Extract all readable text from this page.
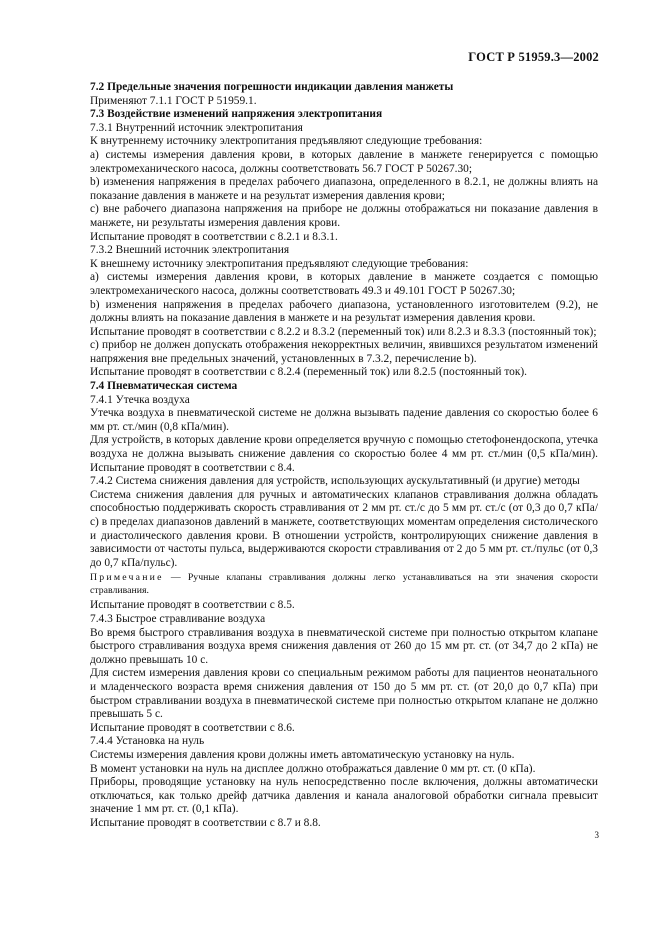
ГОСТ Р 51959.3—2002

7.2 Предельные значения погрешности индикации давления манжеты

Применяют 7.1.1 ГОСТ Р 51959.1.

7.3 Воздействие изменений напряжения электропитания

7.3.1 Внутренний источник электропитания

К внутреннему источнику электропитания предъявляют следующие требования:

а) системы измерения давления крови, в которых давление в манжете генерируется с помощью электромеханического насоса, должны соответствовать 56.7 ГОСТ Р 50267.30;

b) изменения напряжения в пределах рабочего диапазона, определенного в 8.2.1, не должны влиять на показание давления в манжете и на результат измерения давления крови;

с) вне рабочего диапазона напряжения на приборе не должны отображаться ни показание давления в манжете, ни результаты измерения давления крови.

Испытание проводят в соответствии с 8.2.1 и 8.3.1.

7.3.2 Внешний источник электропитания

К внешнему источнику электропитания предъявляют следующие требования:

а) системы измерения давления крови, в которых давление в манжете создается с помощью электромеханического насоса, должны соответствовать 49.3 и 49.101 ГОСТ Р 50267.30;

b) изменения напряжения в пределах рабочего диапазона, установленного изготовителем (9.2), не должны влиять на показание давления в манжете и на результат измерения давления крови.

Испытание проводят в соответствии с 8.2.2 и 8.3.2 (переменный ток) или 8.2.3 и 8.3.3 (постоянный ток);

с) прибор не должен допускать отображения некорректных величин, явившихся результатом изменений напряжения вне предельных значений, установленных в 7.3.2, перечисление b).

Испытание проводят в соответствии с 8.2.4 (переменный ток) или 8.2.5 (постоянный ток).

7.4 Пневматическая система

7.4.1 Утечка воздуха

Утечка воздуха в пневматической системе не должна вызывать падение давления со скоростью более 6 мм рт. ст./мин (0,8 кПа/мин).

Для устройств, в которых давление крови определяется вручную с помощью стетофонендоскопа, утечка воздуха не должна вызывать снижение давления со скоростью более 4 мм рт. ст./мин (0,5 кПа/мин). Испытание проводят в соответствии с 8.4.

7.4.2 Система снижения давления для устройств, использующих аускультативный (и другие) методы

Система снижения давления для ручных и автоматических клапанов стравливания должна обладать способностью поддерживать скорость стравливания от 2 мм рт. ст./с до 5 мм рт. ст./с (от 0,3 до 0,7 кПа/с) в пределах диапазонов давлений в манжете, соответствующих моментам определения систолического и диастолического давления крови. В отношении устройств, контролирующих снижение давления в зависимости от частоты пульса, выдерживаются скорости стравливания от 2 до 5 мм рт. ст./пульс (от 0,3 до 0,7 кПа/пульс).

Примечание — Ручные клапаны стравливания должны легко устанавливаться на эти значения скорости стравливания.

Испытание проводят в соответствии с 8.5.

7.4.3 Быстрое стравливание воздуха

Во время быстрого стравливания воздуха в пневматической системе при полностью открытом клапане быстрого стравливания воздуха время снижения давления от 260 до 15 мм рт. ст. (от 34,7 до 2 кПа) не должно превышать 10 с.

Для систем измерения давления крови со специальным режимом работы для пациентов неонатального и младенческого возраста время снижения давления от 150 до 5 мм рт. ст. (от 20,0 до 0,7 кПа) при быстром стравливании воздуха в пневматической системе при полностью открытом клапане не должно превышать 5 с.

Испытание проводят в соответствии с 8.6.

7.4.4 Установка на нуль

Системы измерения давления крови должны иметь автоматическую установку на нуль.

В момент установки на нуль на дисплее должно отображаться давление 0 мм рт. ст. (0 кПа).

Приборы, проводящие установку на нуль непосредственно после включения, должны автоматически отключаться, как только дрейф датчика давления и канала аналоговой обработки сигнала превысит значение 1 мм рт. ст. (0,1 кПа).

Испытание проводят в соответствии с 8.7 и 8.8.

3
